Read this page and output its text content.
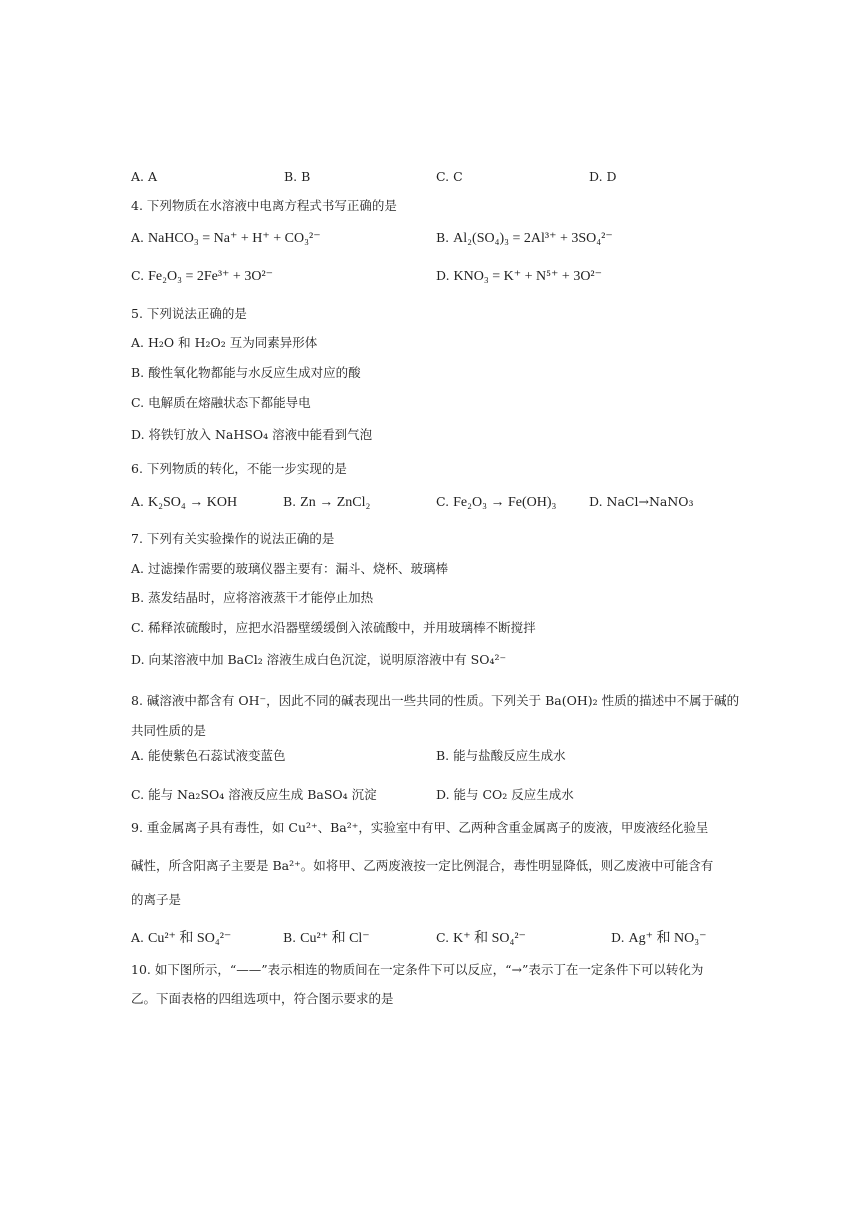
A. A	B. B	C. C	D. D
4. 下列物质在水溶液中电离方程式书写正确的是
A. NaHCO₃ = Na⁺ + H⁺ + CO₃²⁻	B. Al₂(SO₄)₃ = 2Al³⁺ + 3SO₄²⁻
C. Fe₂O₃ = 2Fe³⁺ + 3O²⁻	D. KNO₃ = K⁺ + N⁵⁺ + 3O²⁻
5. 下列说法正确的是
A. H₂O 和 H₂O₂ 互为同素异形体
B. 酸性氧化物都能与水反应生成对应的酸
C. 电解质在熔融状态下都能导电
D. 将铁钉放入 NaHSO₄ 溶液中能看到气泡
6. 下列物质的转化，不能一步实现的是
A. K₂SO₄ → KOH	B. Zn → ZnCl₂	C. Fe₂O₃ → Fe(OH)₃	D. NaCl→NaNO₃
7. 下列有关实验操作的说法正确的是
A. 过滤操作需要的玻璃仪器主要有：漏斗、烧杯、玻璃棒
B. 蒸发结晶时，应将溶液蒸干才能停止加热
C. 稀释浓硫酸时，应把水沿器壁缓缓倒入浓硫酸中，并用玻璃棒不断搅拌
D. 向某溶液中加 BaCl₂ 溶液生成白色沉淀，说明原溶液中有 SO₄²⁻
8. 碱溶液中都含有 OH⁻，因此不同的碱表现出一些共同的性质。下列关于 Ba(OH)₂ 性质的描述中不属于碱的共同性质的是
A. 能使紫色石蕊试液变蓝色	B. 能与盐酸反应生成水
C. 能与 Na₂SO₄ 溶液反应生成 BaSO₄ 沉淀	D. 能与 CO₂ 反应生成水
9. 重金属离子具有毒性，如 Cu²⁺、Ba²⁺，实验室中有甲、乙两种含重金属离子的废液，甲废液经化验呈
碱性，所含阳离子主要是 Ba²⁺。如将甲、乙两废液按一定比例混合，毒性明显降低，则乙废液中可能含有
的离子是
A. Cu²⁺ 和 SO₄²⁻	B. Cu²⁺ 和 Cl⁻	C. K⁺ 和 SO₄²⁻	D. Ag⁺ 和 NO₃⁻
10. 如下图所示，“——”表示相连的物质间在一定条件下可以反应，“→”表示丁在一定条件下可以转化为
乙。下面表格的四组选项中，符合图示要求的是
